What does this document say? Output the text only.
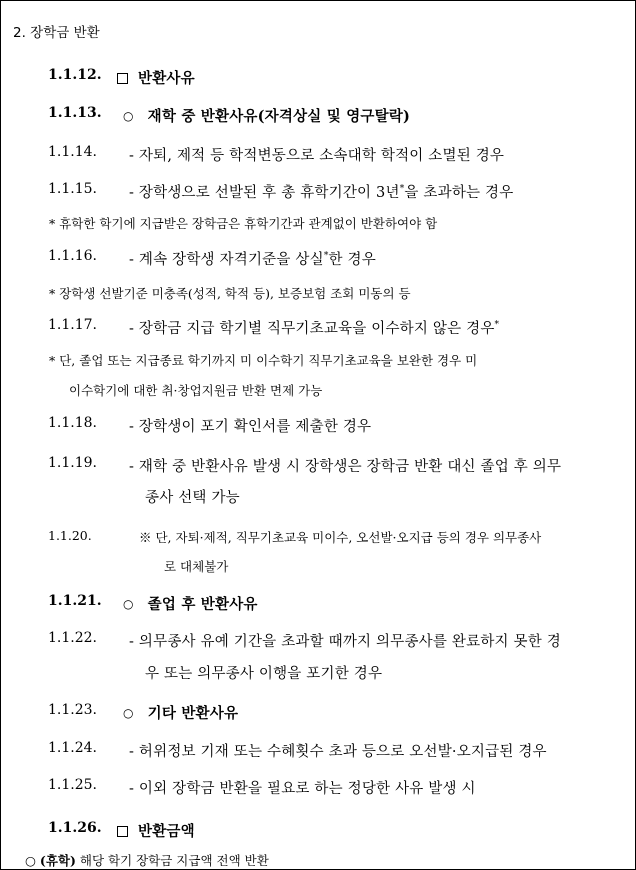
2. 장학금 반환
1.1.12.	반환사유
1.1.13. ○ 재학 중 반환사유(자격상실 및 영구탈락)
1.1.14. - 자퇴, 제적 등 학적변동으로 소속대학 학적이 소멸된 경우
1.1.15. - 장학생으로 선발된 후 총 휴학기간이 3년*을 초과하는 경우
* 휴학한 학기에 지급받은 장학금은 휴학기간과 관계없이 반환하여야 함
1.1.16. - 계속 장학생 자격기준을 상실*한 경우
* 장학생 선발기준 미충족(성적, 학적 등), 보증보험 조회 미동의 등
1.1.17. - 장학금 지급 학기별 직무기초교육을 이수하지 않은 경우*
* 단, 졸업 또는 지급종료 학기까지 미 이수학기 직무기초교육을 보완한 경우 미
이수학기에 대한 취·창업지원금 반환 면제 가능
1.1.18. - 장학생이 포기 확인서를 제출한 경우
1.1.19. - 재학 중 반환사유 발생 시 장학생은 장학금 반환 대신 졸업 후 의무
종사 선택 가능
1.1.20.	※ 단, 자퇴·제적, 직무기초교육 미이수, 오선발·오지급 등의 경우 의무종사
로 대체불가
1.1.21. ○ 졸업 후 반환사유
1.1.22. - 의무종사 유예 기간을 초과할 때까지 의무종사를 완료하지 못한 경
우 또는 의무종사 이행을 포기한 경우
1.1.23. ○ 기타 반환사유
1.1.24. - 허위정보 기재 또는 수혜횟수 초과 등으로 오선발·오지급된 경우
1.1.25. - 이외 장학금 반환을 필요로 하는 정당한 사유 발생 시
1.1.26.	반환금액
○ (휴학) 해당 학기 장학금 지급액 전액 반환
